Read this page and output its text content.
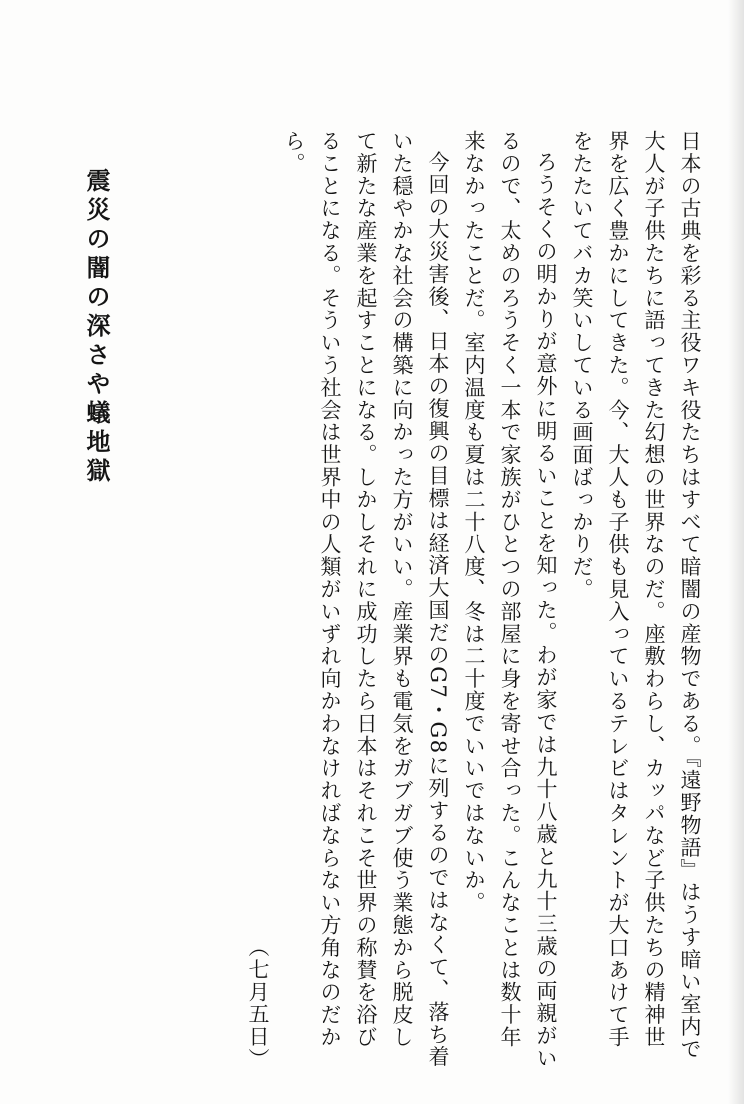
日本の古典を彩る主役ワキ役たちはすべて暗闇の産物である。『遠野物語』はうす暗い室内で大人が子供たちに語ってきた幻想の世界なのだ。座敷わらし、カッパなど子供たちの精神世界を広く豊かにしてきた。今、大人も子供も見入っているテレビはタレントが大口あけて手をたたいてバカ笑いしている画面ばっかりだ。

ろうそくの明かりが意外に明るいことを知った。わが家では九十八歳と九十三歳の両親がいるので、太めのろうそく一本で家族がひとつの部屋に身を寄せ合った。こんなことは数十年来なかったことだ。室内温度も夏は二十八度、冬は二十度でいいではないか。

今回の大災害後、日本の復興の目標は経済大国だのG7・G8に列するのではなくて、落ち着いた穏やかな社会の構築に向かった方がいい。産業界も電気をガブガブ使う業態から脱皮して新たな産業を起すことになる。しかしそれに成功したら日本はそれこそ世界の称賛を浴びることになる。そういう社会は世界中の人類がいずれ向かわなければならない方角なのだから。

（七月五日）
震災の闇の深さや蟻地獄
